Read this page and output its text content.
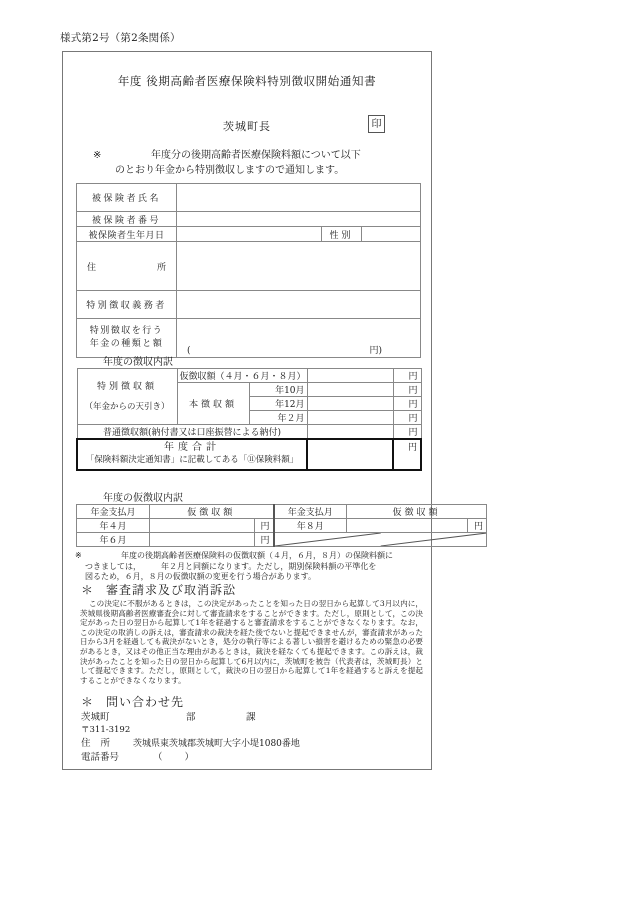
様式第2号（第2条関係）
年度 後期高齢者医療保険料特別徴収開始通知書
茨城町長	印
※	年度分の後期高齢者医療保険料額について以下
のとおり年金から特別徴収しますので通知します。
被保険者氏名			
被保険者番号			
被保険者生年月日		性別	

住 所			

特別徴収義務者			
特別徴収を行う
年金の種類と額	( 円)		
年度の徴収内訳
特別徴収額
（年金からの天引き）	仮徴収額（４月・６月・８月）			円
	本徴収額	年10月		円
		年12月		円
		年２月		円
普通徴収額(納付書又は口座振替による納付)				円

年度合計
「保険料額決定通知書」に記載してある「⑪保険料額」				円
年度の仮徴収内訳
年金支払月	仮徴収額		年金支払月	仮徴収額	
年４月		円	年８月		円
年６月		円	
※	年度の後期高齢者医療保険料の仮徴収額（４月，６月，８月）の保険料額に
つきましては，　　　年２月と同額になります。ただし，期別保険料額の平準化を
図るため，６月，８月の仮徴収額の変更を行う場合があります。
＊ 審査請求及び取消訴訟

この決定に不服があるときは，この決定があったことを知った日の翌日から起算して3月以内に，茨城県後期高齢者医療審査会に対して審査請求をすることができます。ただし，原則として，この決定があった日の翌日から起算して1年を経過すると審査請求をすることができなくなります。なお，この決定の取消しの訴えは，審査請求の裁決を経た後でないと提起できませんが，審査請求があった日から3月を経過しても裁決がないとき，処分の執行等による著しい損害を避けるための緊急の必要があるとき，又はその他正当な理由があるときは，裁決を経なくても提起できます。この訴えは，裁決があったことを知った日の翌日から起算して6月以内に，茨城町を被告（代表者は，茨城町長）として提起できます。ただし，原則として，裁決の日の翌日から起算して1年を経過すると訴えを提起することができなくなります。

＊ 問い合わせ先
茨城町	部	課
〒311-3192
住所 茨城県東茨城郡茨城町大字小堤1080番地
電話番号	（ ）
